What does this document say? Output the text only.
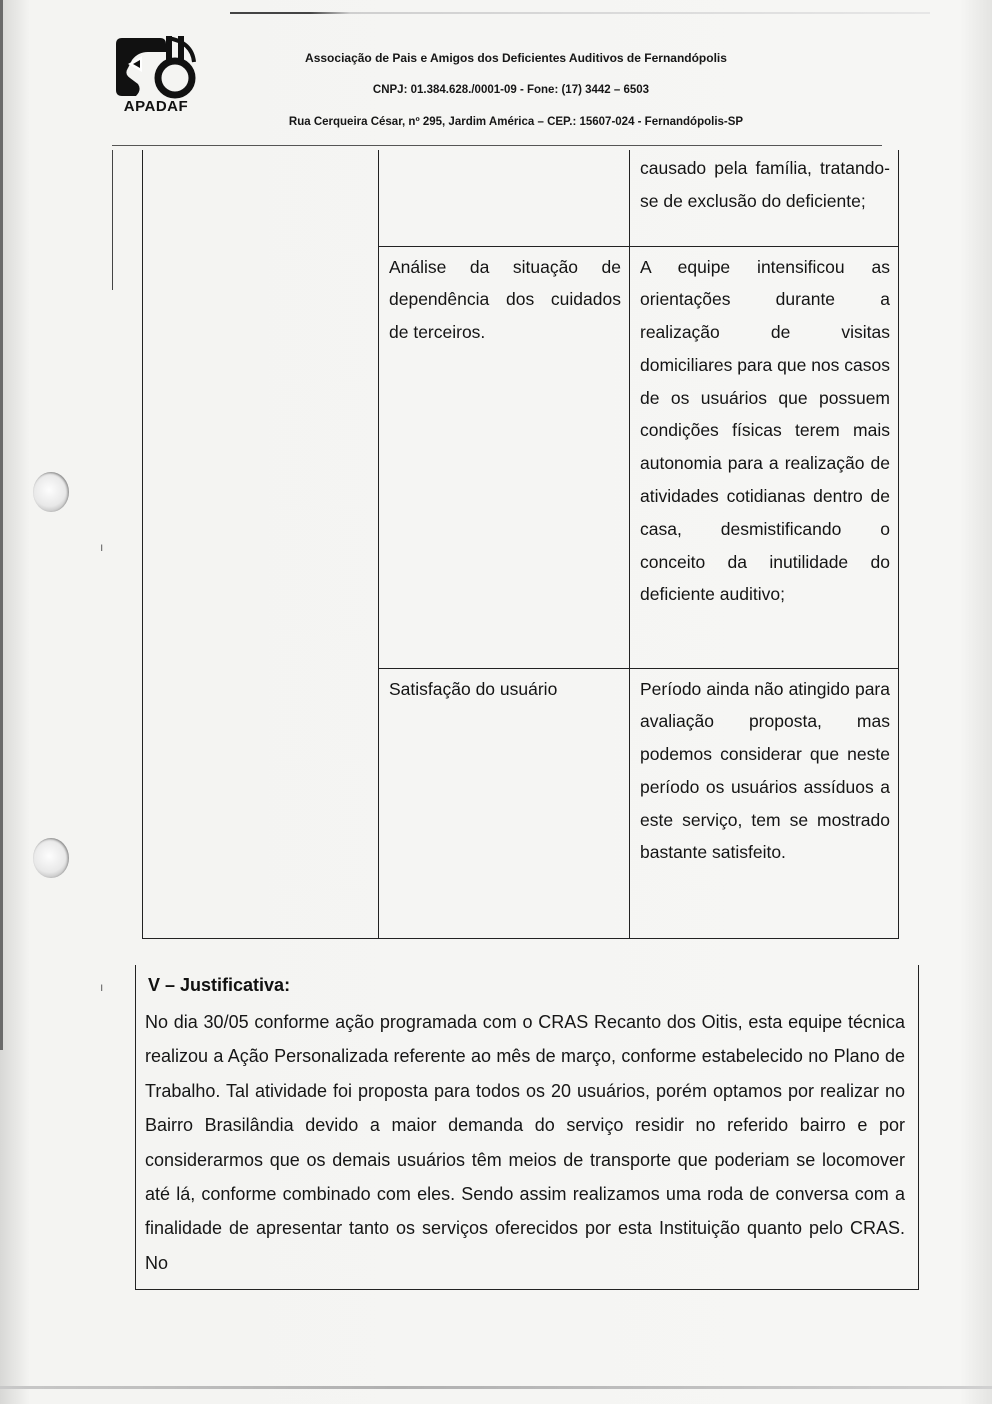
ı
ı
APADAF
Associação de Pais e Amigos dos Deficientes Auditivos de Fernandópolis
CNPJ: 01.384.628./0001-09 - Fone: (17) 3442 – 6503
Rua Cerqueira César, nº 295, Jardim América – CEP.: 15607-024 - Fernandópolis-SP

		causado pela família, tratando-se de exclusão do deficiente;

	Análise da situação de dependência dos cuidados de terceiros.	A equipe intensificou as orientações durante a realização de visitas domiciliares para que nos casos de os usuários que possuem condições físicas terem mais autonomia para a realização de atividades cotidianas dentro de casa, desmistificando o conceito da inutilidade do deficiente auditivo;

	Satisfação do usuário	Período ainda não atingido para avaliação proposta, mas podemos considerar que neste período os usuários assíduos a este serviço, tem se mostrado bastante satisfeito.
V – Justificativa:
No dia 30/05 conforme ação programada com o CRAS Recanto dos Oitis, esta equipe técnica realizou a Ação Personalizada referente ao mês de março, conforme estabelecido no Plano de Trabalho. Tal atividade foi proposta para todos os 20 usuários, porém optamos por realizar no Bairro Brasilândia devido a maior demanda do serviço residir no referido bairro e por considerarmos que os demais usuários têm meios de transporte que poderiam se locomover até lá, conforme combinado com eles. Sendo assim realizamos uma roda de conversa com a finalidade de apresentar tanto os serviços oferecidos por esta Instituição quanto pelo CRAS. No
